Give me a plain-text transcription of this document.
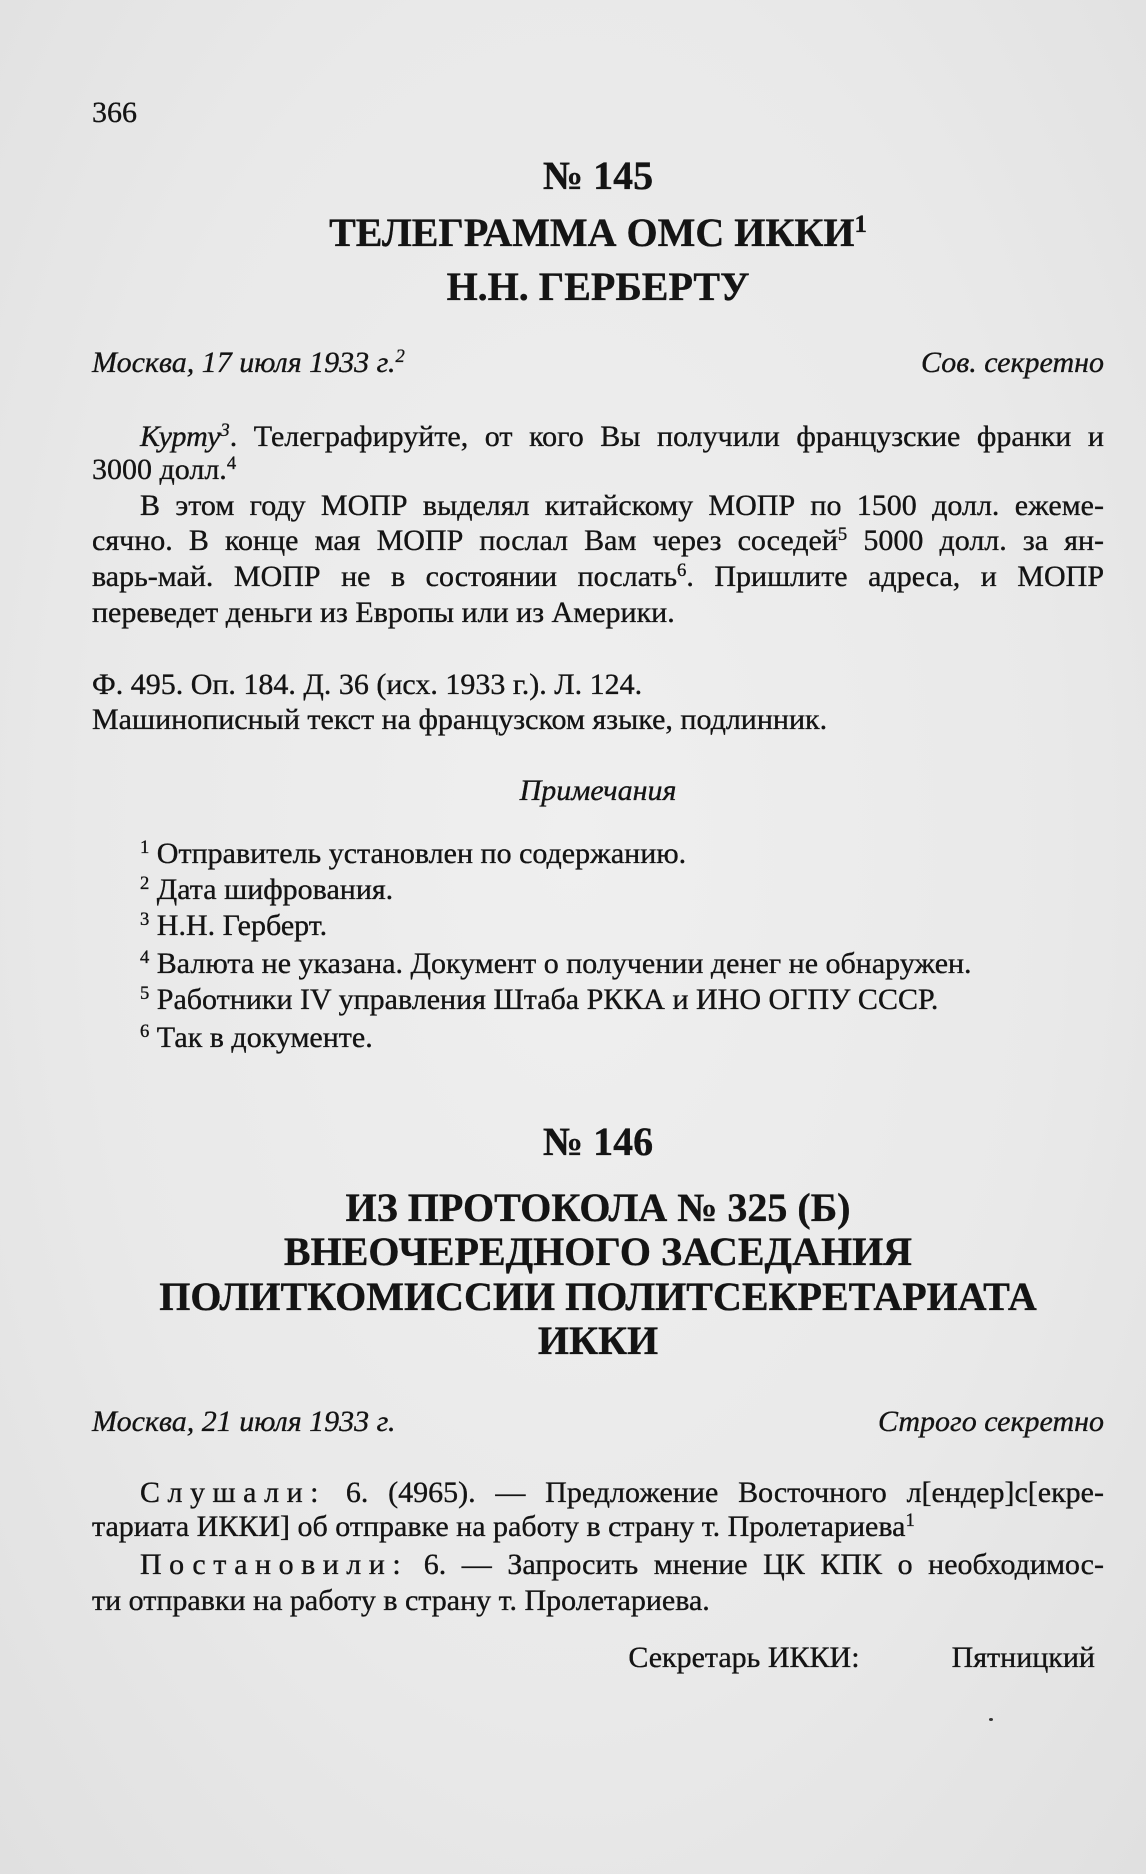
366
№ 145
ТЕЛЕГРАММА ОМС ИККИ$^1$
Н.Н. ГЕРБЕРТУ
Москва, 17 июля 1933 г.$^2$	Сов. секретно
Курту$^3$. Телеграфируйте, от кого Вы получили французские франки и
3000 долл.$^4$
В этом году МОПР выделял китайскому МОПР по 1500 долл. ежеме-
сячно. В конце мая МОПР послал Вам через соседей$^5$ 5000 долл. за ян-
варь-май. МОПР не в состоянии послать$^6$. Пришлите адреса, и МОПР
переведет деньги из Европы или из Америки.
Ф. 495. Оп. 184. Д. 36 (исх. 1933 г.). Л. 124.
Машинописный текст на французском языке, подлинник.
Примечания
$^1$ Отправитель установлен по содержанию.
$^2$ Дата шифрования.
$^3$ Н.Н. Герберт.
$^4$ Валюта не указана. Документ о получении денег не обнаружен.
$^5$ Работники IV управления Штаба РККА и ИНО ОГПУ СССР.
$^6$ Так в документе.
№ 146
ИЗ ПРОТОКОЛА № 325 (Б)
ВНЕОЧЕРЕДНОГО ЗАСЕДАНИЯ
ПОЛИТКОМИССИИ ПОЛИТСЕКРЕТАРИАТА
ИККИ
Москва, 21 июля 1933 г.	Строго секретно
Слушали: 6. (4965). — Предложение Восточного л[ендер]с[екре-
тариата ИККИ] об отправке на работу в страну т. Пролетариева$^1$
Постановили: 6. — Запросить мнение ЦК КПК о необходимос-
ти отправки на работу в страну т. Пролетариева.
Секретарь ИККИ:	Пятницкий
